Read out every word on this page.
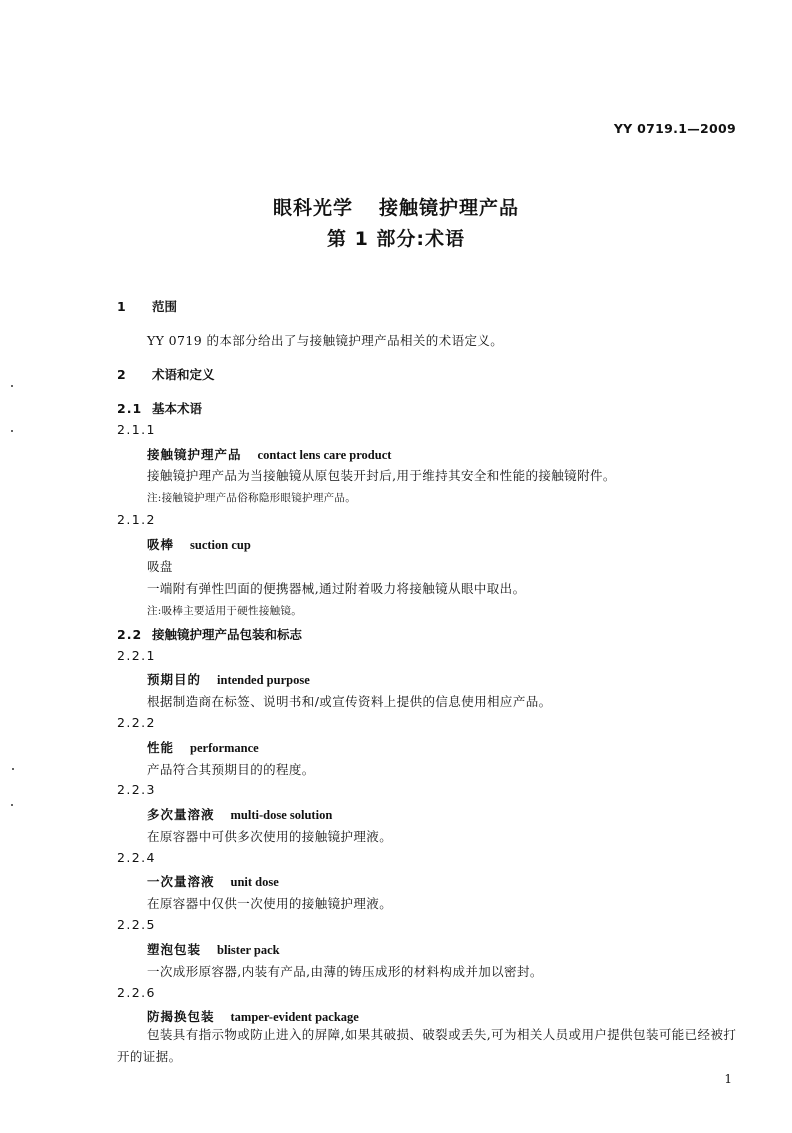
YY 0719.1—2009
眼科光学 接触镜护理产品
第 1 部分:术语
1 范围
YY 0719 的本部分给出了与接触镜护理产品相关的术语定义。
2 术语和定义
2.1 基本术语
2.1.1
接触镜护理产品 contact lens care product
接触镜护理产品为当接触镜从原包装开封后,用于维持其安全和性能的接触镜附件。
注:接触镜护理产品俗称隐形眼镜护理产品。
2.1.2
吸棒 suction cup
吸盘
一端附有弹性凹面的便携器械,通过附着吸力将接触镜从眼中取出。
注:吸棒主要适用于硬性接触镜。
2.2 接触镜护理产品包装和标志
2.2.1
预期目的 intended purpose
根据制造商在标签、说明书和/或宣传资料上提供的信息使用相应产品。
2.2.2
性能 performance
产品符合其预期目的的程度。
2.2.3
多次量溶液 multi-dose solution
在原容器中可供多次使用的接触镜护理液。
2.2.4
一次量溶液 unit dose
在原容器中仅供一次使用的接触镜护理液。
2.2.5
塑泡包装 blister pack
一次成形原容器,内装有产品,由薄的铸压成形的材料构成并加以密封。
2.2.6
防揭换包装 tamper-evident package
包装具有指示物或防止进入的屏障,如果其破损、破裂或丢失,可为相关人员或用户提供包装可能已经被打开的证据。
1
